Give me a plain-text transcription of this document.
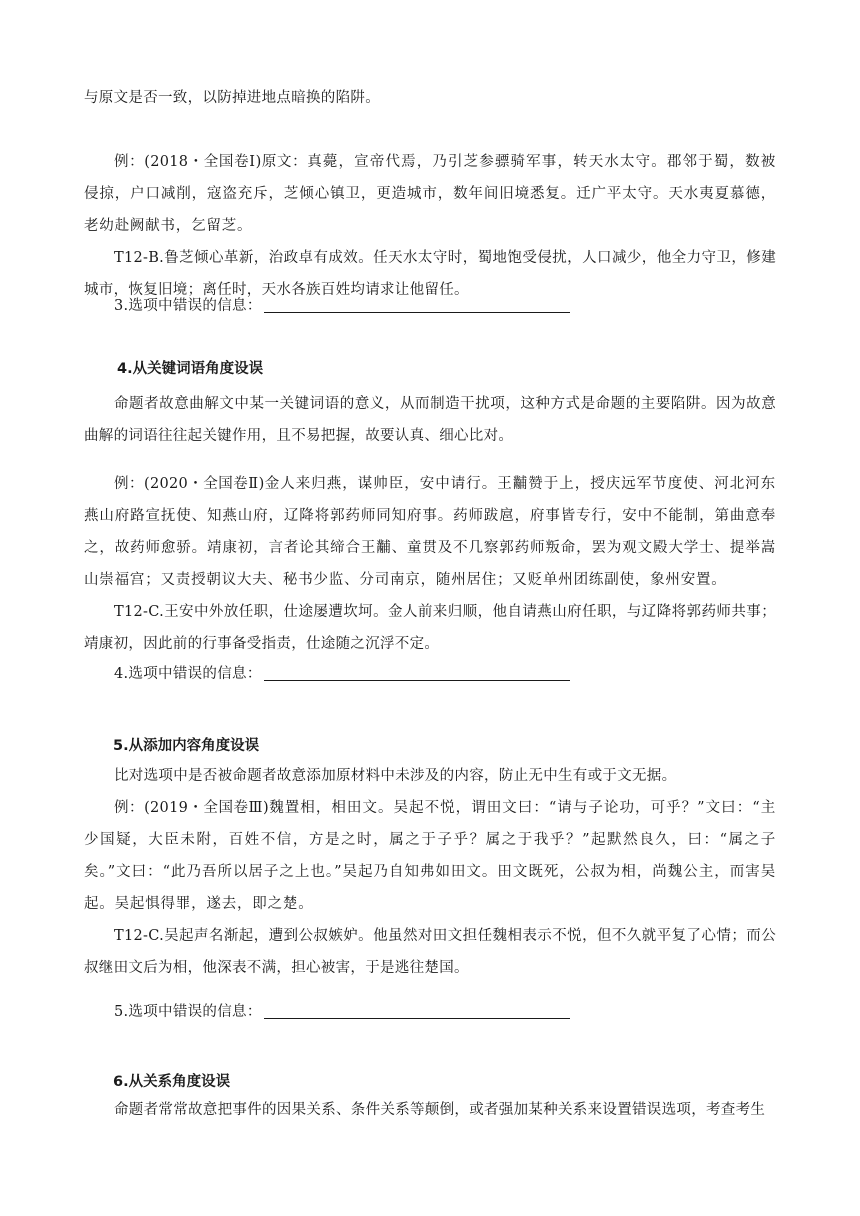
与原文是否一致，以防掉进地点暗换的陷阱。

例：(2018・全国卷Ⅰ)原文：真薨，宣帝代焉，乃引芝参骠骑军事，转天水太守。郡邻于蜀，数被侵掠，户口减削，寇盗充斥，芝倾心镇卫，更造城市，数年间旧境悉复。迁广平太守。天水夷夏慕德，老幼赴阙献书，乞留芝。

T12-B.鲁芝倾心革新，治政卓有成效。任天水太守时，蜀地饱受侵扰，人口减少，他全力守卫，修建城市，恢复旧境；离任时，天水各族百姓均请求让他留任。

3.选项中错误的信息：

4.从关键词语角度设误

命题者故意曲解文中某一关键词语的意义，从而制造干扰项，这种方式是命题的主要陷阱。因为故意曲解的词语往往起关键作用，且不易把握，故要认真、细心比对。

例：(2020・全国卷Ⅱ)金人来归燕，谋帅臣，安中请行。王黼赞于上，授庆远军节度使、河北河东燕山府路宣抚使、知燕山府，辽降将郭药师同知府事。药师跋扈，府事皆专行，安中不能制，第曲意奉之，故药师愈骄。靖康初，言者论其缔合王黼、童贯及不几察郭药师叛命，罢为观文殿大学士、提举嵩山崇福宫；又责授朝议大夫、秘书少监、分司南京，随州居住；又贬单州团练副使，象州安置。

T12-C.王安中外放任职，仕途屡遭坎坷。金人前来归顺，他自请燕山府任职，与辽降将郭药师共事；靖康初，因此前的行事备受指责，仕途随之沉浮不定。

4.选项中错误的信息：

5.从添加内容角度设误

比对选项中是否被命题者故意添加原材料中未涉及的内容，防止无中生有或于文无据。

例：(2019・全国卷Ⅲ)魏置相，相田文。吴起不悦，谓田文曰：“请与子论功，可乎？”文曰：“主少国疑，大臣未附，百姓不信，方是之时，属之于子乎？属之于我乎？”起默然良久，曰：“属之子矣。”文曰：“此乃吾所以居子之上也。”吴起乃自知弗如田文。田文既死，公叔为相，尚魏公主，而害吴起。吴起惧得罪，遂去，即之楚。

T12-C.吴起声名渐起，遭到公叔嫉妒。他虽然对田文担任魏相表示不悦，但不久就平复了心情；而公叔继田文后为相，他深表不满，担心被害，于是逃往楚国。

5.选项中错误的信息：

6.从关系角度设误

命题者常常故意把事件的因果关系、条件关系等颠倒，或者强加某种关系来设置错误选项，考查考生
